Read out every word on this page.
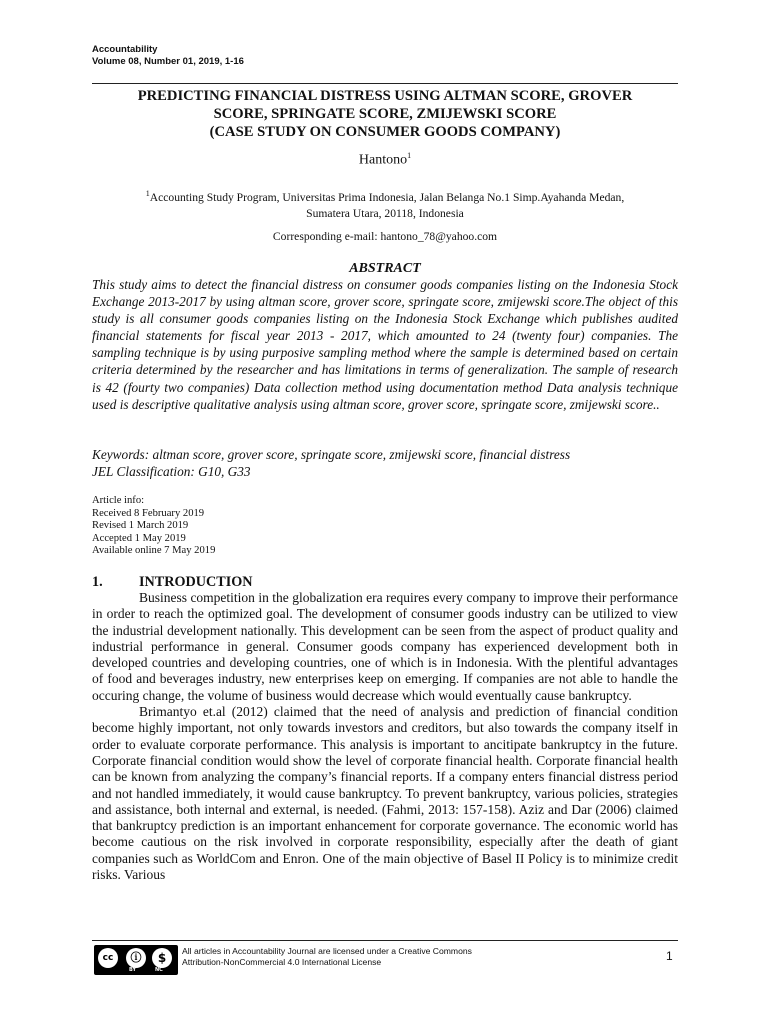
Accountability
Volume 08, Number 01, 2019, 1-16
PREDICTING FINANCIAL DISTRESS USING ALTMAN SCORE, GROVER
SCORE, SPRINGATE SCORE, ZMIJEWSKI SCORE
(CASE STUDY ON CONSUMER GOODS COMPANY)
Hantono$^1$
$^1$Accounting Study Program, Universitas Prima Indonesia, Jalan Belanga No.1 Simp.Ayahanda Medan,
Sumatera Utara, 20118, Indonesia
Corresponding e-mail: hantono_78@yahoo.com
ABSTRACT
This study aims to detect the financial distress on consumer goods companies listing on the Indonesia Stock Exchange 2013-2017 by using altman score, grover score, springate score, zmijewski score.The object of this study is all consumer goods companies listing on the Indonesia Stock Exchange which publishes audited financial statements for fiscal year 2013 - 2017, which amounted to 24 (twenty four) companies. The sampling technique is by using purposive sampling method where the sample is determined based on certain criteria determined by the researcher and has limitations in terms of generalization. The sample of research is 42 (fourty two companies) Data collection method using documentation method Data analysis technique used is descriptive qualitative analysis using altman score, grover score, springate score, zmijewski score..
Keywords: altman score, grover score, springate score, zmijewski score, financial distress
JEL Classification: G10, G33
Article info:
Received 8 February 2019
Revised 1 March 2019
Accepted 1 May 2019
Available online 7 May 2019
1.	INTRODUCTION

Business competition in the globalization era requires every company to improve their performance in order to reach the optimized goal. The development of consumer goods industry can be utilized to view the industrial development nationally. This development can be seen from the aspect of product quality and industrial performance in general. Consumer goods company has experienced development both in developed countries and developing countries, one of which is in Indonesia. With the plentiful advantages of food and beverages industry, new enterprises keep on emerging. If companies are not able to handle the occuring change, the volume of business would decrease which would eventually cause bankruptcy.

Brimantyo et.al (2012) claimed that the need of analysis and prediction of financial condition become highly important, not only towards investors and creditors, but also towards the company itself in order to evaluate corporate performance. This analysis is important to ancitipate bankruptcy in the future. Corporate financial condition would show the level of corporate financial health. Corporate financial health can be known from analyzing the company’s financial reports. If a company enters financial distress period and not handled immediately, it would cause bankruptcy. To prevent bankruptcy, various policies, strategies and assistance, both internal and external, is needed. (Fahmi, 2013: 157-158). Aziz and Dar (2006) claimed that bankruptcy prediction is an important enhancement for corporate governance. The economic world has become cautious on the risk involved in corporate responsibility, especially after the death of giant companies such as WorldCom and Enron. One of the main objective of Basel II Policy is to minimize credit risks. Various

cc	ⓘ	$
BY	NC
All articles in Accountability Journal are licensed under a Creative Commons
Attribution-NonCommercial 4.0 International License	1
